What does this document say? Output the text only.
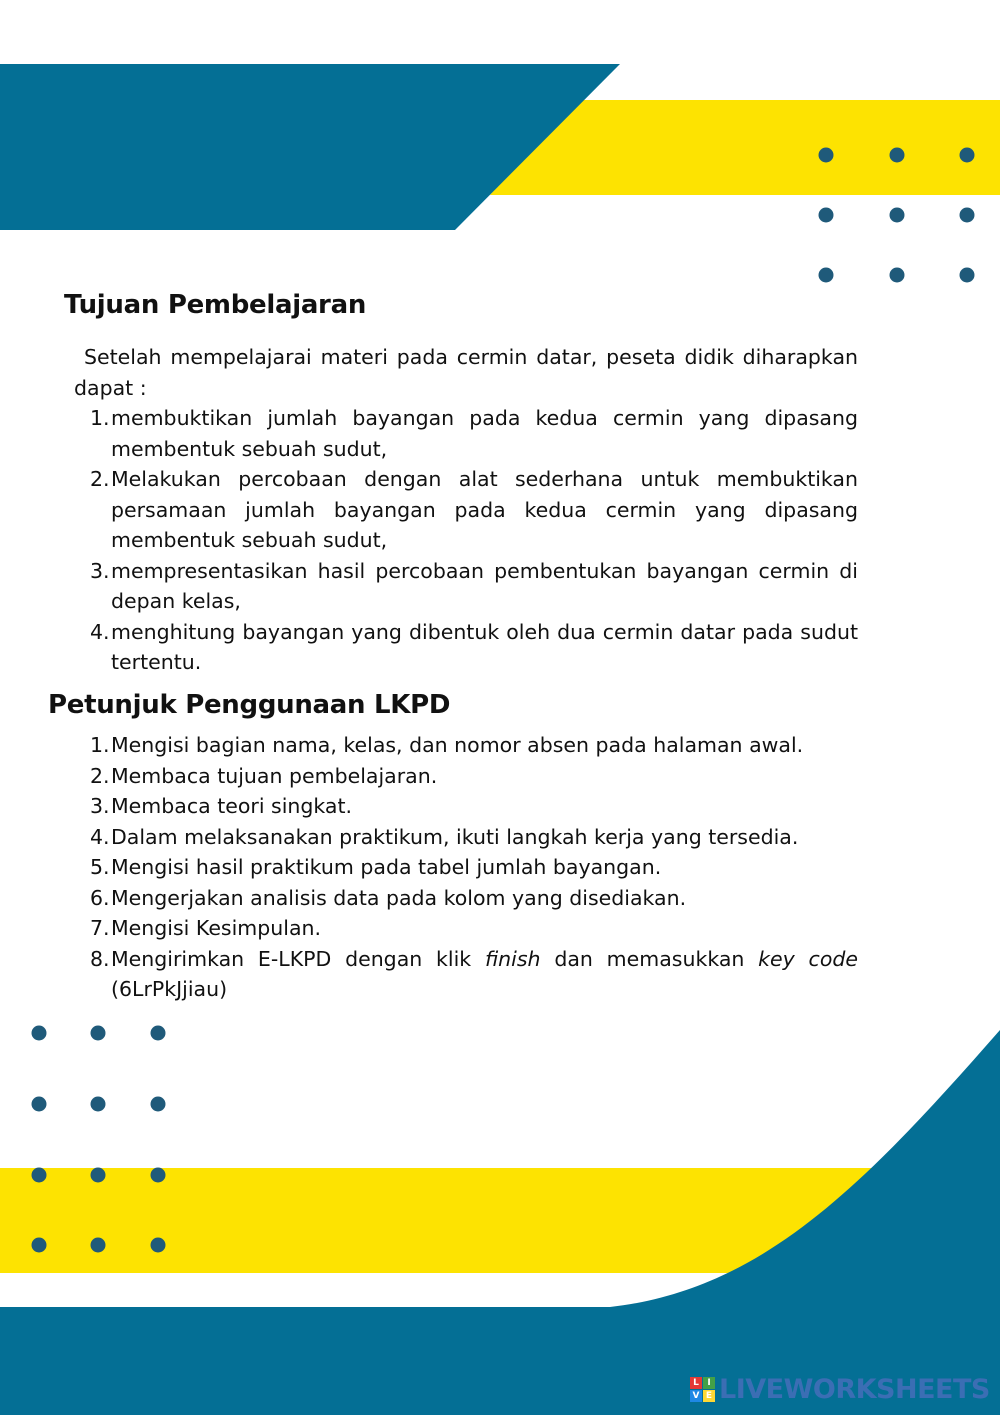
Tujuan Pembelajaran

Setelah mempelajarai materi pada cermin datar, peseta didik diharapkan dapat :

1. membuktikan jumlah bayangan pada kedua cermin yang dipasang membentuk sebuah sudut,
2. Melakukan percobaan dengan alat sederhana untuk membuktikan persamaan jumlah bayangan pada kedua cermin yang dipasang membentuk sebuah sudut,
3. mempresentasikan hasil percobaan pembentukan bayangan cermin di depan kelas,
4. menghitung bayangan yang dibentuk oleh dua cermin datar pada sudut tertentu.
Petunjuk Penggunaan LKPD
1. Mengisi bagian nama, kelas, dan nomor absen pada halaman awal.
2. Membaca tujuan pembelajaran.
3. Membaca teori singkat.
4. Dalam melaksanakan praktikum, ikuti langkah kerja yang tersedia.
5. Mengisi hasil praktikum pada tabel jumlah bayangan.
6. Mengerjakan analisis data pada kolom yang disediakan.
7. Mengisi Kesimpulan.
8. Mengirimkan E-LKPD dengan klik finish dan memasukkan key code (6LrPkJjiau)
L I
V E LIVEWORKSHEETS
